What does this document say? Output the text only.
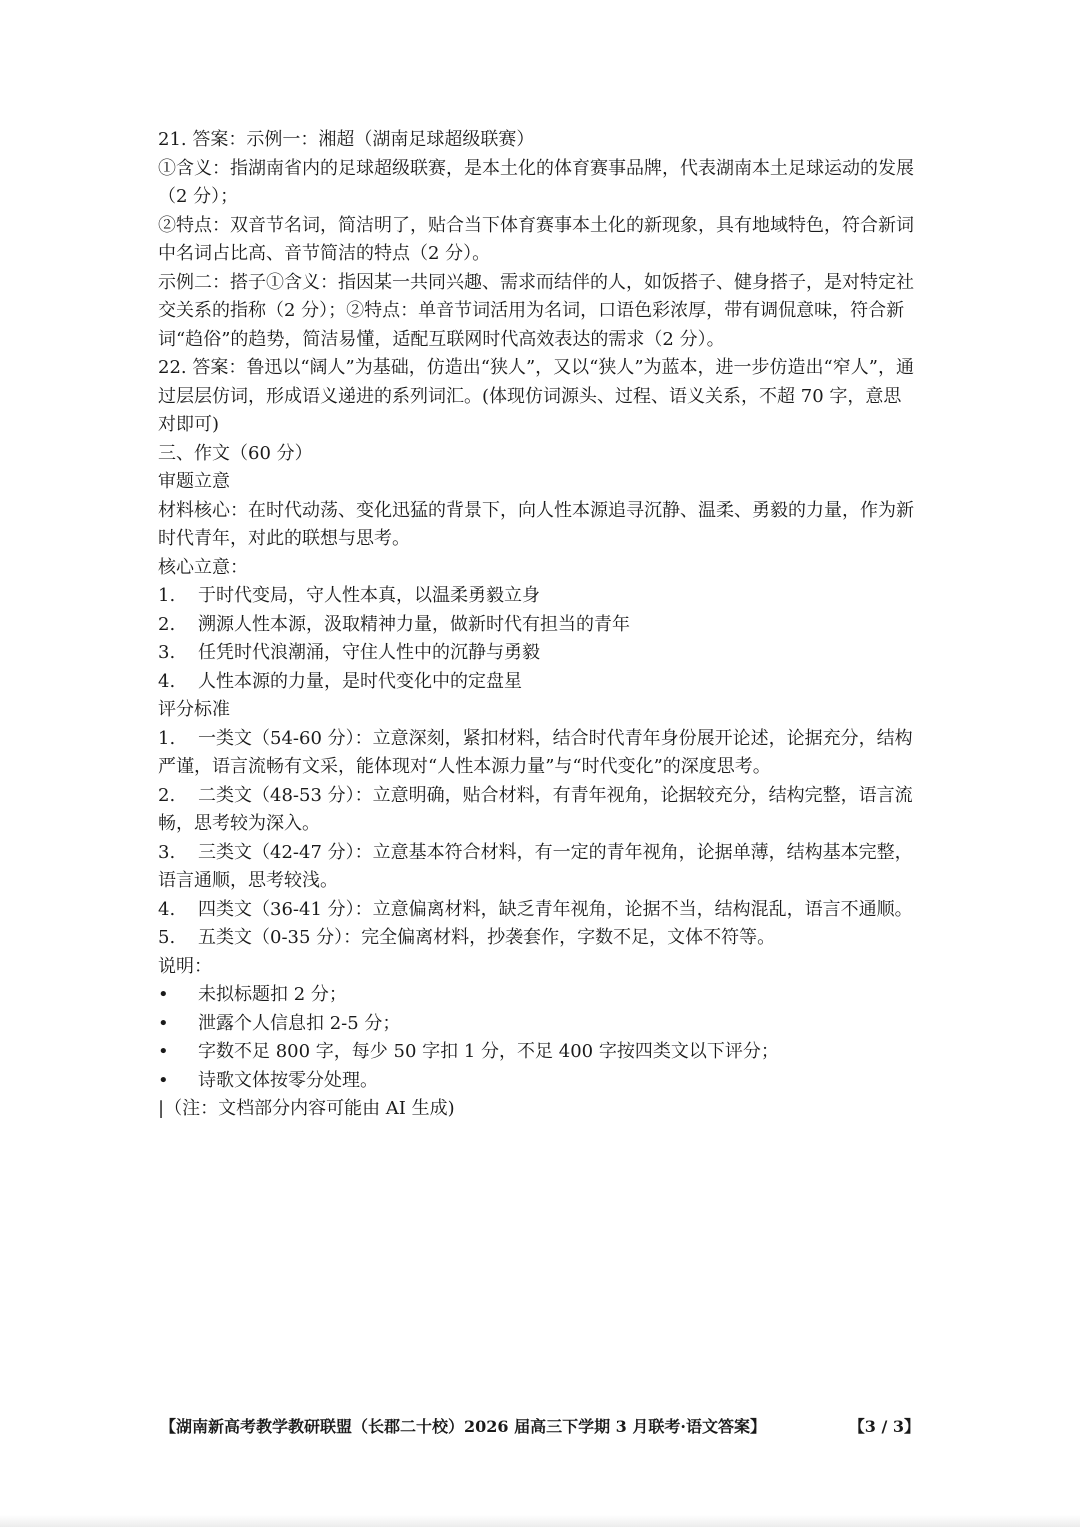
21. 答案：示例一：湘超（湖南足球超级联赛）

①含义：指湖南省内的足球超级联赛，是本土化的体育赛事品牌，代表湖南本土足球运动的发展（2 分）；

②特点：双音节名词，简洁明了，贴合当下体育赛事本土化的新现象，具有地域特色，符合新词中名词占比高、音节简洁的特点（2 分）。

示例二：搭子①含义：指因某一共同兴趣、需求而结伴的人，如饭搭子、健身搭子，是对特定社交关系的指称（2 分）；②特点：单音节词活用为名词，口语色彩浓厚，带有调侃意味，符合新词“趋俗”的趋势，简洁易懂，适配互联网时代高效表达的需求（2 分）。

22. 答案：鲁迅以“阔人”为基础，仿造出“狭人”，又以“狭人”为蓝本，进一步仿造出“窄人”，通过层层仿词，形成语义递进的系列词汇。(体现仿词源头、过程、语义关系，不超 70 字，意思对即可)

三、作文（60 分）

审题立意

材料核心：在时代动荡、变化迅猛的背景下，向人性本源追寻沉静、温柔、勇毅的力量，作为新时代青年，对此的联想与思考。

核心立意：

1. 于时代变局，守人性本真，以温柔勇毅立身

2. 溯源人性本源，汲取精神力量，做新时代有担当的青年

3. 任凭时代浪潮涌，守住人性中的沉静与勇毅

4. 人性本源的力量，是时代变化中的定盘星

评分标准

1. 一类文（54-60 分）：立意深刻，紧扣材料，结合时代青年身份展开论述，论据充分，结构严谨，语言流畅有文采，能体现对“人性本源力量”与“时代变化”的深度思考。

2. 二类文（48-53 分）：立意明确，贴合材料，有青年视角，论据较充分，结构完整，语言流畅，思考较为深入。

3. 三类文（42-47 分）：立意基本符合材料，有一定的青年视角，论据单薄，结构基本完整，语言通顺，思考较浅。

4. 四类文（36-41 分）：立意偏离材料，缺乏青年视角，论据不当，结构混乱，语言不通顺。

5. 五类文（0-35 分）：完全偏离材料，抄袭套作，字数不足，文体不符等。

说明：

• 未拟标题扣 2 分；

• 泄露个人信息扣 2-5 分；

• 字数不足 800 字，每少 50 字扣 1 分，不足 400 字按四类文以下评分；

• 诗歌文体按零分处理。

|（注：文档部分内容可能由 AI 生成)

【湖南新高考教学教研联盟（长郡二十校）2026 届高三下学期 3 月联考·语文答案】	【3 / 3】
